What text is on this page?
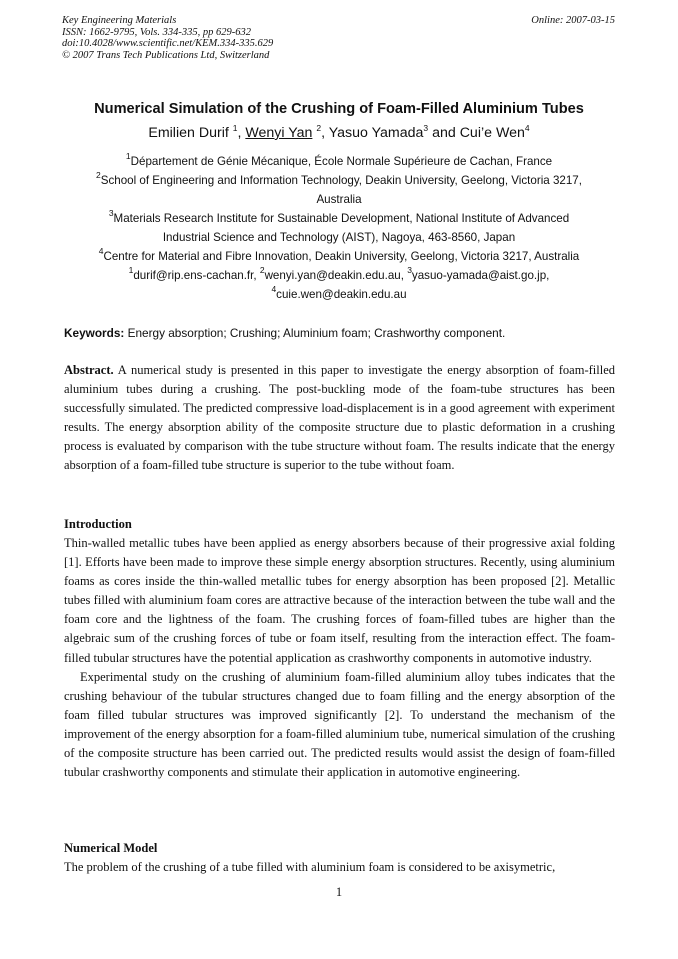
Key Engineering Materials
ISSN: 1662-9795, Vols. 334-335, pp 629-632
doi:10.4028/www.scientific.net/KEM.334-335.629
© 2007 Trans Tech Publications Ltd, Switzerland
Online: 2007-03-15
Numerical Simulation of the Crushing of Foam-Filled Aluminium Tubes
Emilien Durif $^1$, Wenyi Yan $^2$, Yasuo Yamada$^3$ and Cui’e Wen$^4$
$^1$Département de Génie Mécanique, École Normale Supérieure de Cachan, France
$^2$School of Engineering and Information Technology, Deakin University, Geelong, Victoria 3217,
Australia
$^3$Materials Research Institute for Sustainable Development, National Institute of Advanced
Industrial Science and Technology (AIST), Nagoya, 463-8560, Japan
$^4$Centre for Material and Fibre Innovation, Deakin University, Geelong, Victoria 3217, Australia
$^1$durif@rip.ens-cachan.fr, $^2$wenyi.yan@deakin.edu.au, $^3$yasuo-yamada@aist.go.jp,
$^4$cuie.wen@deakin.edu.au
Keywords: Energy absorption; Crushing; Aluminium foam; Crashworthy component.

Abstract. A numerical study is presented in this paper to investigate the energy absorption of foam-filled aluminium tubes during a crushing. The post-buckling mode of the foam-tube structures has been successfully simulated. The predicted compressive load-displacement is in a good agreement with experiment results. The energy absorption ability of the composite structure due to plastic deformation in a crushing process is evaluated by comparison with the tube structure without foam. The results indicate that the energy absorption of a foam-filled tube structure is superior to the tube without foam.

Introduction

Thin-walled metallic tubes have been applied as energy absorbers because of their progressive axial folding [1]. Efforts have been made to improve these simple energy absorption structures. Recently, using aluminium foams as cores inside the thin-walled metallic tubes for energy absorption has been proposed [2]. Metallic tubes filled with aluminium foam cores are attractive because of the interaction between the tube wall and the foam core and the lightness of the foam. The crushing forces of foam-filled tubes are higher than the algebraic sum of the crushing forces of tube or foam itself, resulting from the interaction effect. The foam-filled tubular structures have the potential application as crashworthy components in automotive industry.

Experimental study on the crushing of aluminium foam-filled aluminium alloy tubes indicates that the crushing behaviour of the tubular structures changed due to foam filling and the energy absorption of the foam filled tubular structures was improved significantly [2]. To understand the mechanism of the improvement of the energy absorption for a foam-filled aluminium tube, numerical simulation of the crushing of the composite structure has been carried out. The predicted results would assist the design of foam-filled tubular crashworthy components and stimulate their application in automotive engineering.

Numerical Model

The problem of the crushing of a tube filled with aluminium foam is considered to be axisymetric,

1
